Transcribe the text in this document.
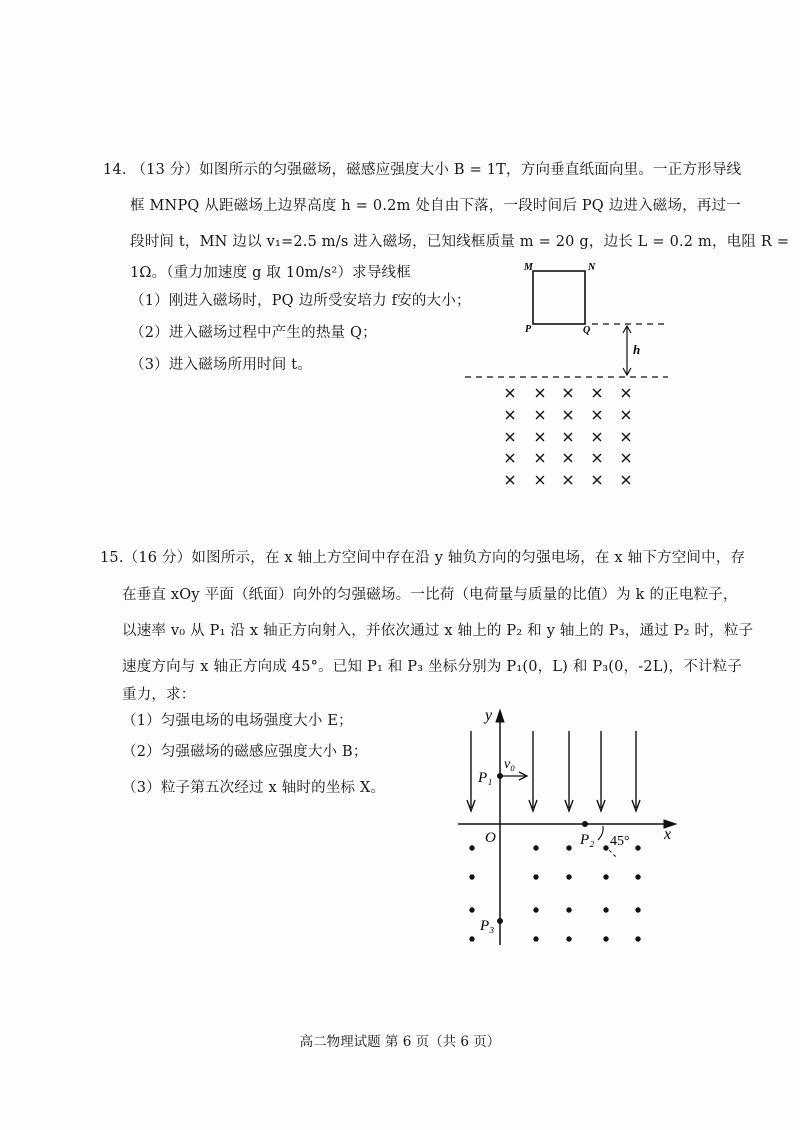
14. （13 分）如图所示的匀强磁场，磁感应强度大小 B = 1T，方向垂直纸面向里。一正方形导线
框 MNPQ 从距磁场上边界高度 h = 0.2m 处自由下落，一段时间后 PQ 边进入磁场，再过一
段时间 t，MN 边以 v₁=2.5 m/s 进入磁场，已知线框质量 m = 20 g，边长 L = 0.2 m，电阻 R =
1Ω。（重力加速度 g 取 10m/s²）求导线框
（1）刚进入磁场时，PQ 边所受安培力 f安的大小；
（2）进入磁场过程中产生的热量 Q；
（3）进入磁场所用时间 t。
M	N
P	Q
h
y
x
O
P₁
v₀
P₂ 45°
P₃
15.（16 分）如图所示，在 x 轴上方空间中存在沿 y 轴负方向的匀强电场，在 x 轴下方空间中，存
在垂直 xOy 平面（纸面）向外的匀强磁场。一比荷（电荷量与质量的比值）为 k 的正电粒子，
以速率 v₀ 从 P₁ 沿 x 轴正方向射入，并依次通过 x 轴上的 P₂ 和 y 轴上的 P₃，通过 P₂ 时，粒子
速度方向与 x 轴正方向成 45°。已知 P₁ 和 P₃ 坐标分别为 P₁(0，L) 和 P₃(0，-2L)，不计粒子
重力，求：
（1）匀强电场的电场强度大小 E；
（2）匀强磁场的磁感应强度大小 B；
（3）粒子第五次经过 x 轴时的坐标 X。
高二物理试题 第 6 页（共 6 页）
